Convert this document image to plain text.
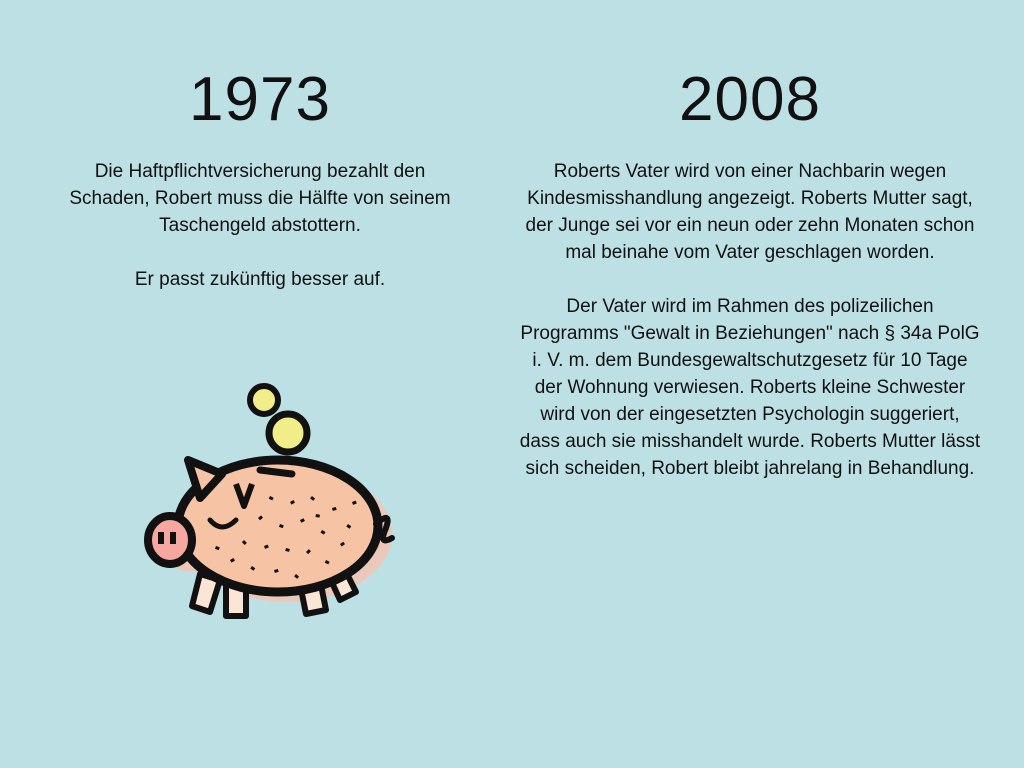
1973

Die Haftpflichtversicherung bezahlt den Schaden, Robert muss die Hälfte von seinem Taschengeld abstottern.

Er passt zukünftig besser auf.

2008

Roberts Vater wird von einer Nachbarin wegen Kindesmisshandlung angezeigt. Roberts Mutter sagt, der Junge sei vor ein neun oder zehn Monaten schon mal beinahe vom Vater geschlagen worden.

Der Vater wird im Rahmen des polizeilichen Programms "Gewalt in Beziehungen" nach § 34a PolG i. V. m. dem Bundesgewaltschutzgesetz für 10 Tage der Wohnung verwiesen. Roberts kleine Schwester wird von der eingesetzten Psychologin suggeriert, dass auch sie misshandelt wurde. Roberts Mutter lässt sich scheiden, Robert bleibt jahrelang in Behandlung.
